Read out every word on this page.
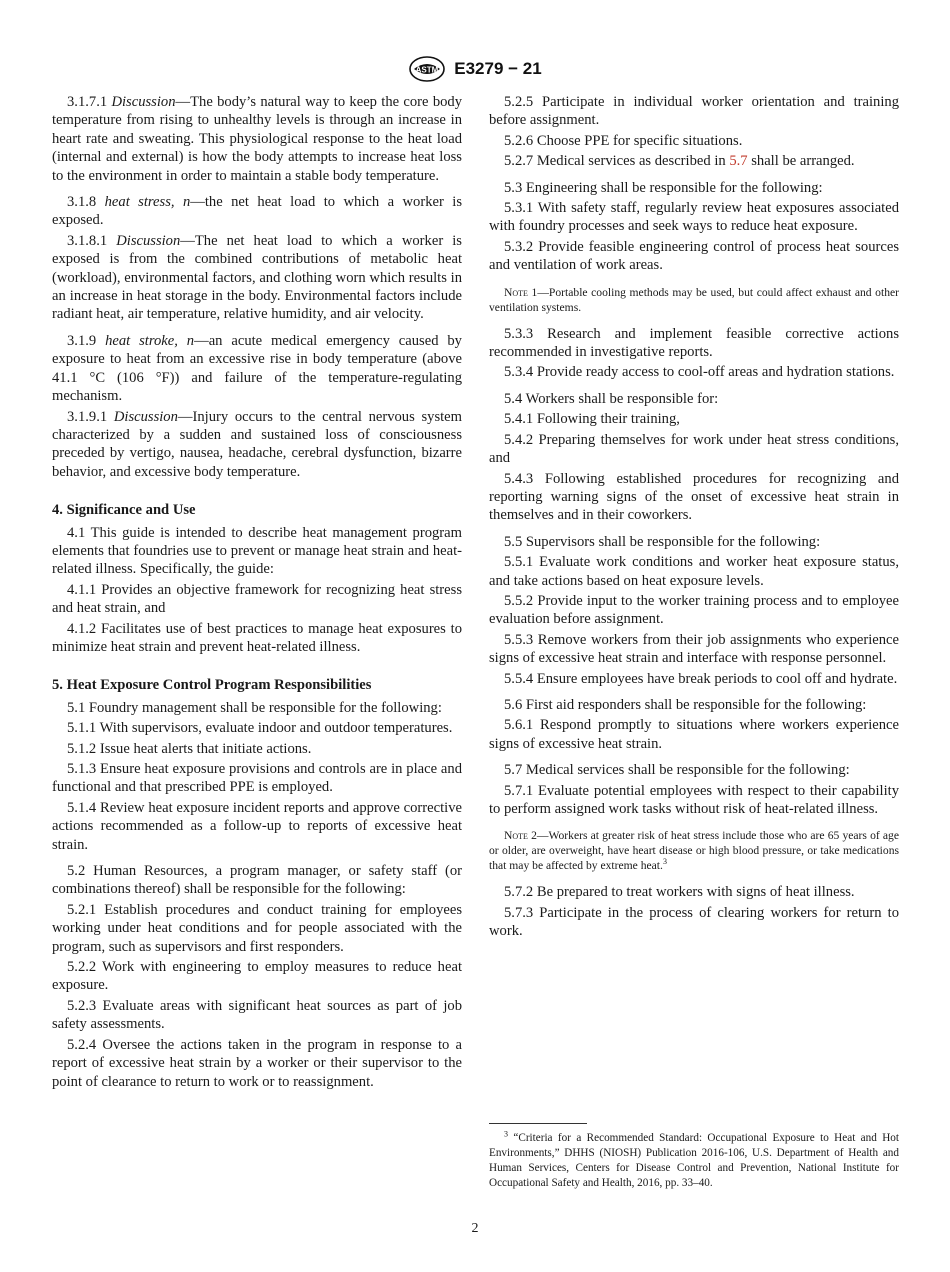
ASTM E3279 − 21

3.1.7.1 Discussion—The body’s natural way to keep the core body temperature from rising to unhealthy levels is through an increase in heart rate and sweating. This physiological response to the heat load (internal and external) is how the body attempts to increase heat loss to the environment in order to maintain a stable body temperature.

3.1.8 heat stress, n—the net heat load to which a worker is exposed.

3.1.8.1 Discussion—The net heat load to which a worker is exposed is from the combined contributions of metabolic heat (workload), environmental factors, and clothing worn which results in an increase in heat storage in the body. Environmental factors include radiant heat, air temperature, relative humidity, and air velocity.

3.1.9 heat stroke, n—an acute medical emergency caused by exposure to heat from an excessive rise in body temperature (above 41.1 °C (106 °F)) and failure of the temperature-regulating mechanism.

3.1.9.1 Discussion—Injury occurs to the central nervous system characterized by a sudden and sustained loss of consciousness preceded by vertigo, nausea, headache, cerebral dysfunction, bizarre behavior, and excessive body temperature.

4. Significance and Use

4.1 This guide is intended to describe heat management program elements that foundries use to prevent or manage heat strain and heat-related illness. Specifically, the guide:

4.1.1 Provides an objective framework for recognizing heat stress and heat strain, and

4.1.2 Facilitates use of best practices to manage heat exposures to minimize heat strain and prevent heat-related illness.

5. Heat Exposure Control Program Responsibilities

5.1 Foundry management shall be responsible for the following:

5.1.1 With supervisors, evaluate indoor and outdoor temperatures.

5.1.2 Issue heat alerts that initiate actions.

5.1.3 Ensure heat exposure provisions and controls are in place and functional and that prescribed PPE is employed.

5.1.4 Review heat exposure incident reports and approve corrective actions recommended as a follow-up to reports of excessive heat strain.

5.2 Human Resources, a program manager, or safety staff (or combinations thereof) shall be responsible for the following:

5.2.1 Establish procedures and conduct training for employees working under heat conditions and for people associated with the program, such as supervisors and first responders.

5.2.2 Work with engineering to employ measures to reduce heat exposure.

5.2.3 Evaluate areas with significant heat sources as part of job safety assessments.

5.2.4 Oversee the actions taken in the program in response to a report of excessive heat strain by a worker or their supervisor to the point of clearance to return to work or to reassignment.

5.2.5 Participate in individual worker orientation and training before assignment.

5.2.6 Choose PPE for specific situations.

5.2.7 Medical services as described in 5.7 shall be arranged.

5.3 Engineering shall be responsible for the following:

5.3.1 With safety staff, regularly review heat exposures associated with foundry processes and seek ways to reduce heat exposure.

5.3.2 Provide feasible engineering control of process heat sources and ventilation of work areas.

Note 1—Portable cooling methods may be used, but could affect exhaust and other ventilation systems.

5.3.3 Research and implement feasible corrective actions recommended in investigative reports.

5.3.4 Provide ready access to cool-off areas and hydration stations.

5.4 Workers shall be responsible for:

5.4.1 Following their training,

5.4.2 Preparing themselves for work under heat stress conditions, and

5.4.3 Following established procedures for recognizing and reporting warning signs of the onset of excessive heat strain in themselves and in their coworkers.

5.5 Supervisors shall be responsible for the following:

5.5.1 Evaluate work conditions and worker heat exposure status, and take actions based on heat exposure levels.

5.5.2 Provide input to the worker training process and to employee evaluation before assignment.

5.5.3 Remove workers from their job assignments who experience signs of excessive heat strain and interface with response personnel.

5.5.4 Ensure employees have break periods to cool off and hydrate.

5.6 First aid responders shall be responsible for the following:

5.6.1 Respond promptly to situations where workers experience signs of excessive heat strain.

5.7 Medical services shall be responsible for the following:

5.7.1 Evaluate potential employees with respect to their capability to perform assigned work tasks without risk of heat-related illness.

Note 2—Workers at greater risk of heat stress include those who are 65 years of age or older, are overweight, have heart disease or high blood pressure, or take medications that may be affected by extreme heat.$^3$

5.7.2 Be prepared to treat workers with signs of heat illness.

5.7.3 Participate in the process of clearing workers for return to work.

$^3$ “Criteria for a Recommended Standard: Occupational Exposure to Heat and Hot Environments,” DHHS (NIOSH) Publication 2016-106, U.S. Department of Health and Human Services, Centers for Disease Control and Prevention, National Institute for Occupational Safety and Health, 2016, pp. 33–40.
2
